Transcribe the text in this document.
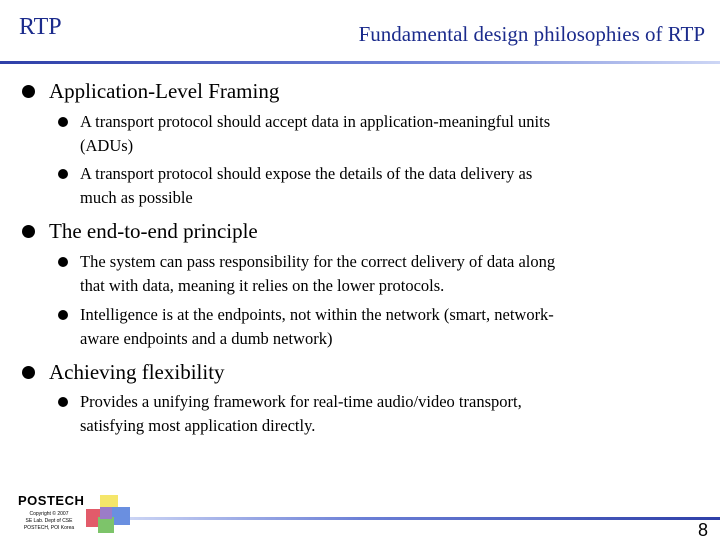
RTP	Fundamental design philosophies of RTP
Application-Level Framing
A transport protocol should accept data in application-meaningful units
(ADUs)
A transport protocol should expose the details of the data delivery as
much as possible
The end-to-end principle
The system can pass responsibility for the correct delivery of data along
that with data, meaning it relies on the lower protocols.
Intelligence is at the endpoints, not within the network (smart, network-
aware endpoints and a dumb network)
Achieving flexibility
Provides a unifying framework for real-time audio/video transport,
satisfying most application directly.
POSTECH
Copyright © 2007
SE Lab. Dept of CSE
POSTECH, POI Korea	8
